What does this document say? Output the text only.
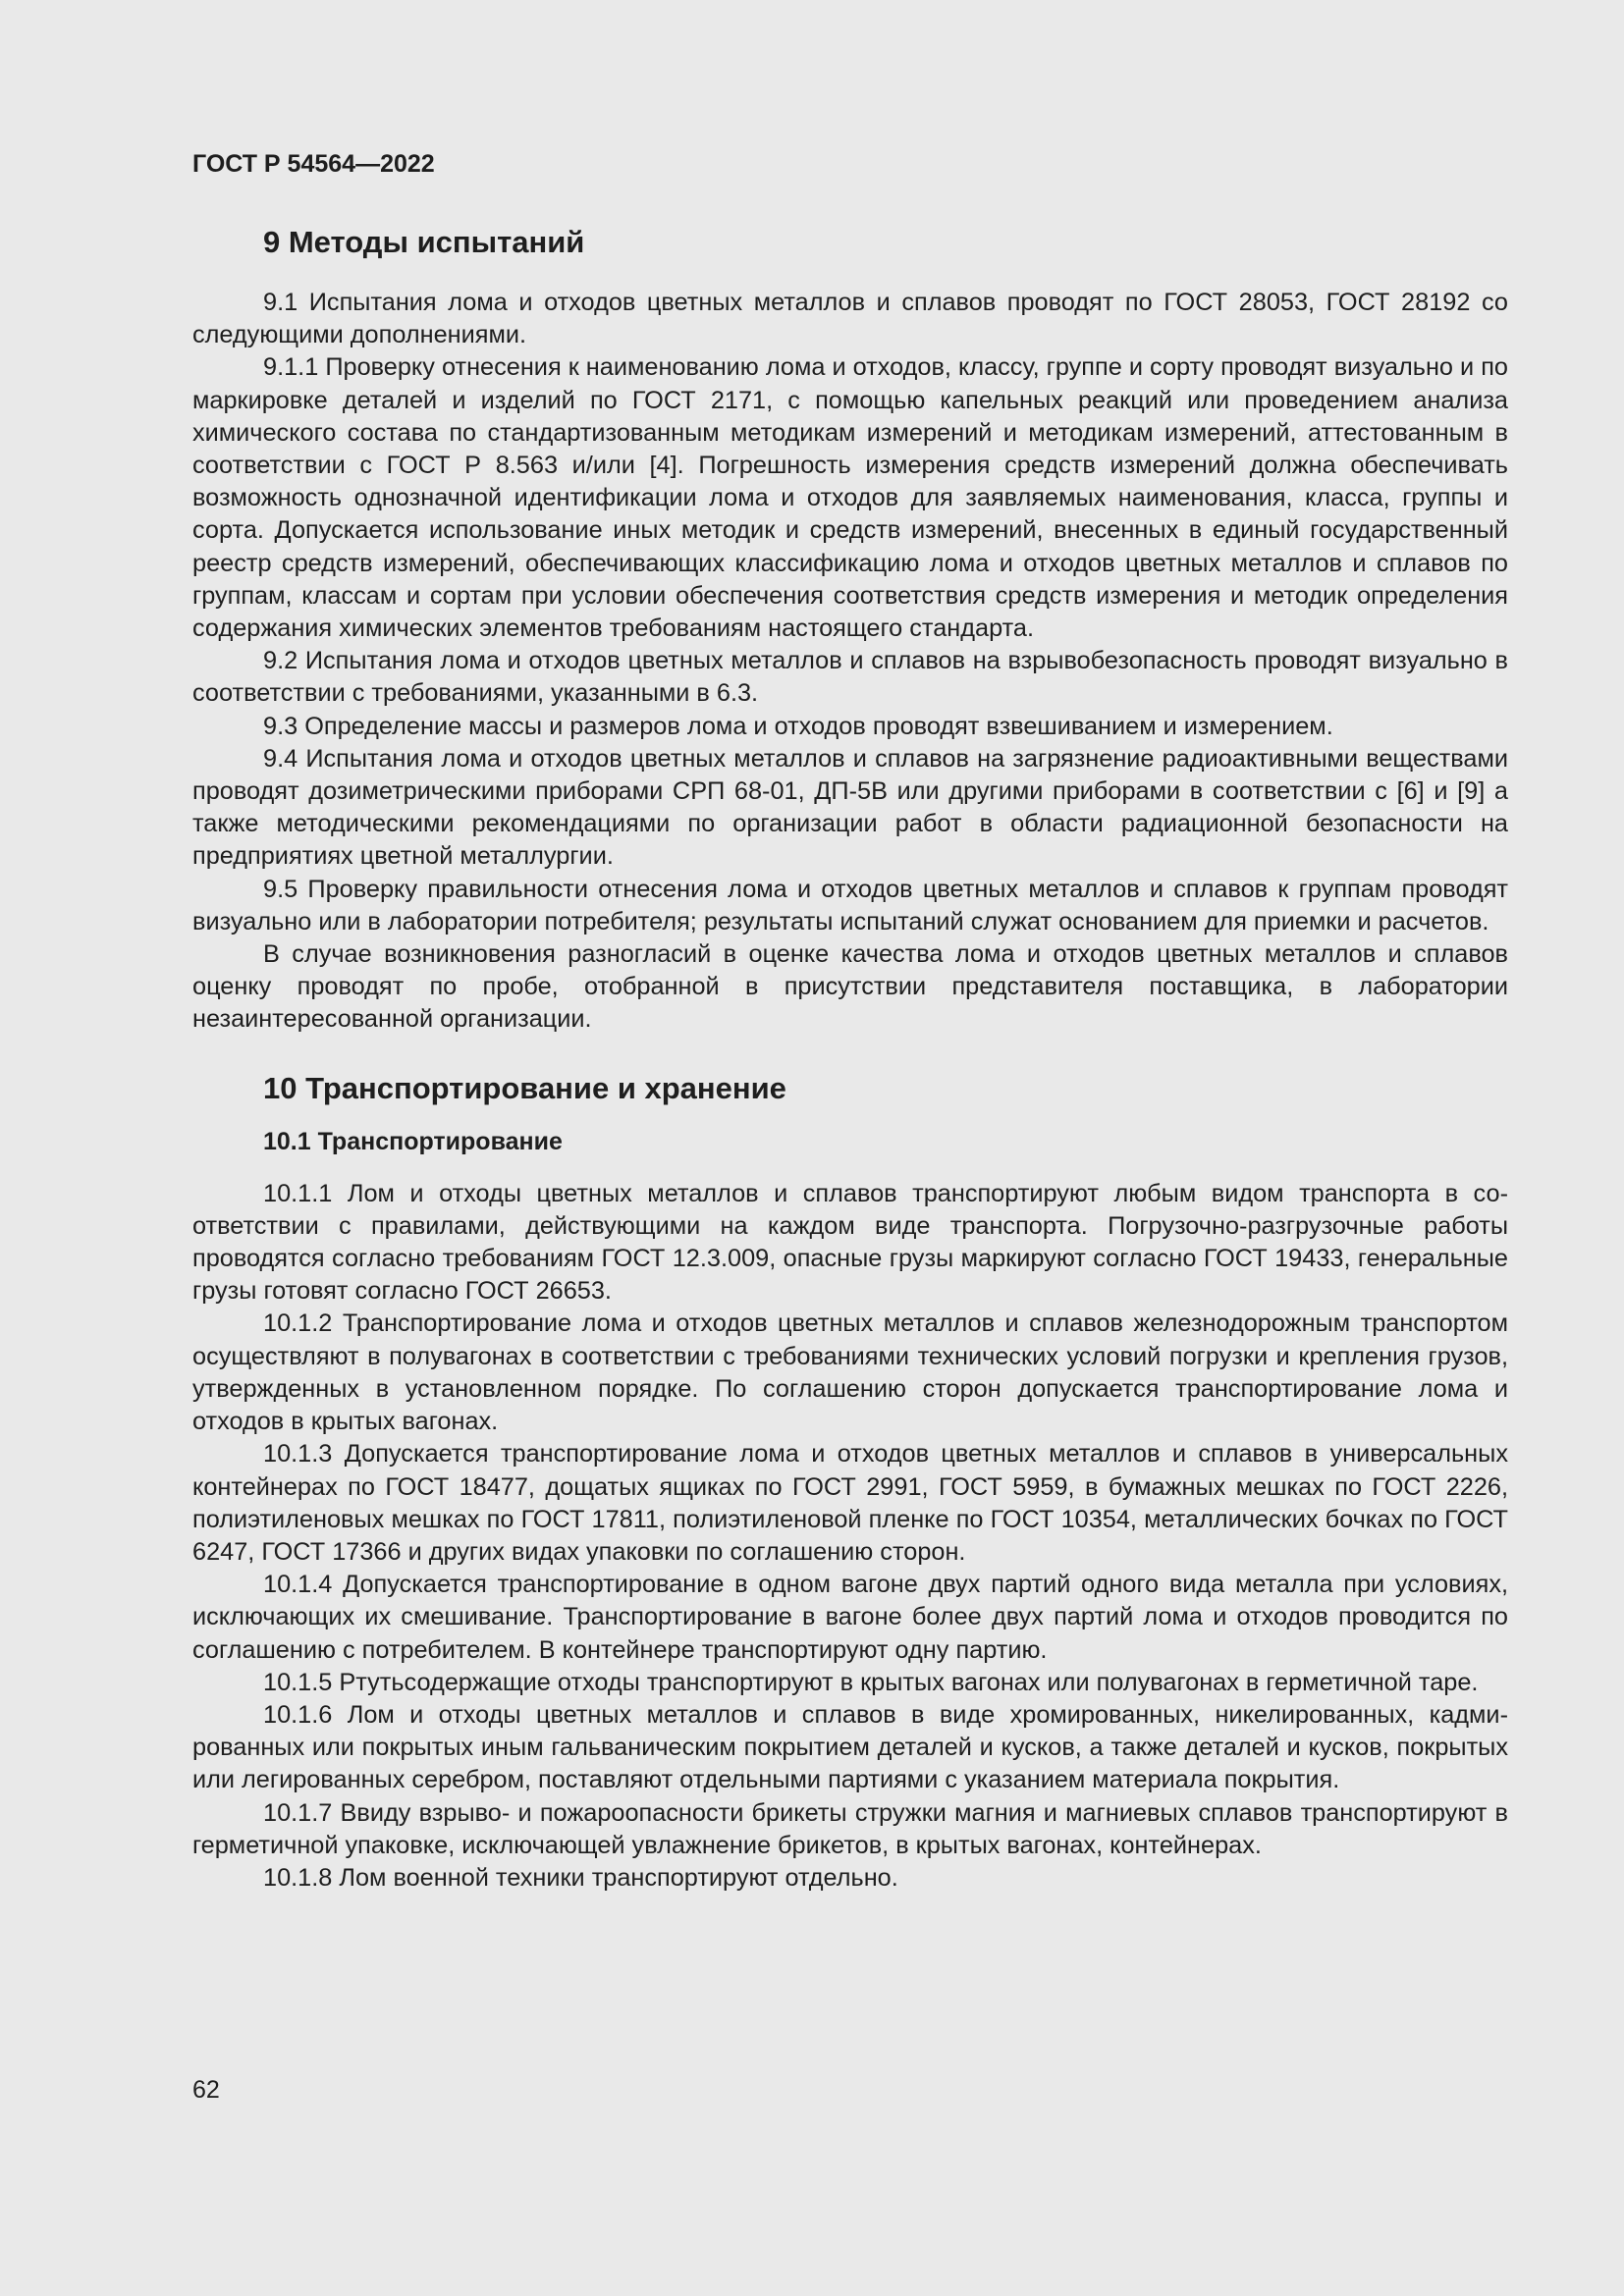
ГОСТ Р 54564—2022
9 Методы испытаний

9.1 Испытания лома и отходов цветных металлов и сплавов проводят по ГОСТ 28053, ГОСТ 28192 со следующими дополнениями.

9.1.1 Проверку отнесения к наименованию лома и отходов, классу, группе и сорту проводят визуально и по маркировке деталей и изделий по ГОСТ 2171, с помощью капельных реакций или проведением анализа химического состава по стандартизованным методикам измерений и методикам измерений, аттестованным в соответствии с ГОСТ Р 8.563 и/или [4]. Погрешность измерения средств измерений должна обеспечивать возможность однозначной идентификации лома и отходов для заявляемых наименования, класса, группы и сорта. Допускается использование иных методик и средств измерений, внесенных в единый государственный реестр средств измерений, обеспечивающих классификацию лома и отходов цветных металлов и сплавов по группам, классам и сортам при условии обеспечения соответствия средств измерения и методик определения содержания химических элементов требованиям настоящего стандарта.

9.2 Испытания лома и отходов цветных металлов и сплавов на взрывобезопасность проводят визуально в соответствии с требованиями, указанными в 6.3.

9.3 Определение массы и размеров лома и отходов проводят взвешиванием и измерением.

9.4 Испытания лома и отходов цветных металлов и сплавов на загрязнение радиоактивными веществами проводят дозиметрическими приборами СРП 68-01, ДП-5В или другими приборами в соответствии с [6] и [9] а также методическими рекомендациями по организации работ в области радиационной безопасности на предприятиях цветной металлургии.

9.5 Проверку правильности отнесения лома и отходов цветных металлов и сплавов к группам проводят визуально или в лаборатории потребителя; результаты испытаний служат основанием для приемки и расчетов.

В случае возникновения разногласий в оценке качества лома и отходов цветных металлов и сплавов оценку проводят по пробе, отобранной в присутствии представителя поставщика, в лаборатории незаинтересованной организации.

10 Транспортирование и хранение
10.1 Транспортирование

10.1.1 Лом и отходы цветных металлов и сплавов транспортируют любым видом транспорта в соответствии с правилами, действующими на каждом виде транспорта. Погрузочно-разгрузочные работы проводятся согласно требованиям ГОСТ 12.3.009, опасные грузы маркируют согласно ГОСТ 19433, генеральные грузы готовят согласно ГОСТ 26653.

10.1.2 Транспортирование лома и отходов цветных металлов и сплавов железнодорожным транспортом осуществляют в полувагонах в соответствии с требованиями технических условий погрузки и крепления грузов, утвержденных в установленном порядке. По соглашению сторон допускается транспортирование лома и отходов в крытых вагонах.

10.1.3 Допускается транспортирование лома и отходов цветных металлов и сплавов в универсальных контейнерах по ГОСТ 18477, дощатых ящиках по ГОСТ 2991, ГОСТ 5959, в бумажных мешках по ГОСТ 2226, полиэтиленовых мешках по ГОСТ 17811, полиэтиленовой пленке по ГОСТ 10354, металлических бочках по ГОСТ 6247, ГОСТ 17366 и других видах упаковки по соглашению сторон.

10.1.4 Допускается транспортирование в одном вагоне двух партий одного вида металла при условиях, исключающих их смешивание. Транспортирование в вагоне более двух партий лома и отходов проводится по соглашению с потребителем. В контейнере транспортируют одну партию.

10.1.5 Ртутьсодержащие отходы транспортируют в крытых вагонах или полувагонах в герметичной таре.

10.1.6 Лом и отходы цветных металлов и сплавов в виде хромированных, никелированных, кадмированных или покрытых иным гальваническим покрытием деталей и кусков, а также деталей и кусков, покрытых или легированных серебром, поставляют отдельными партиями с указанием материала покрытия.

10.1.7 Ввиду взрыво- и пожароопасности брикеты стружки магния и магниевых сплавов транспортируют в герметичной упаковке, исключающей увлажнение брикетов, в крытых вагонах, контейнерах.

10.1.8 Лом военной техники транспортируют отдельно.

62
